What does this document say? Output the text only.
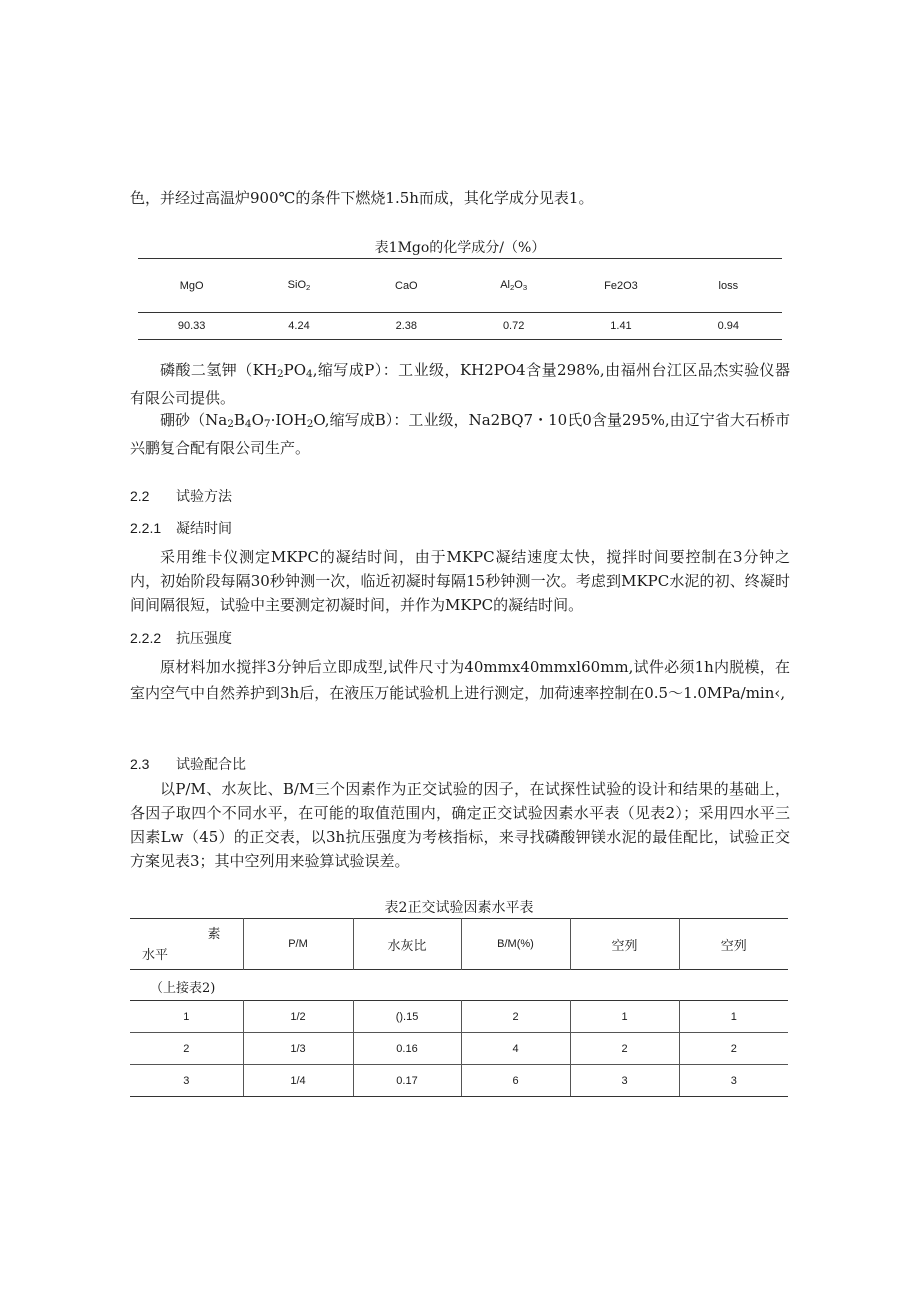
色，并经过高温炉900℃的条件下燃烧1.5h而成，其化学成分见表1。

表1Mgo的化学成分/（%）
MgO	SiO$_2$	CaO	$Al_2O_3$	Fe2O3	loss
90.33	4.24	2.38	0.72	1.41	0.94

磷酸二氢钾（$KH_2PO_4$,缩写成P）：工业级，KH2PO4含量298%,由福州台江区品杰实验仪器有限公司提供。

硼砂（$Na_2B_4O_7\cdot IOH_2O$,缩写成B）：工业级，Na2BQ7・10氏0含量295%,由辽宁省大石桥市兴鹏复合配有限公司生产。

2.2 试验方法
2.2.1 凝结时间

采用维卡仪测定MKPC的凝结时间，由于MKPC凝结速度太快，搅拌时间要控制在3分钟之内，初始阶段每隔30秒钟测一次，临近初凝时每隔15秒钟测一次。考虑到MKPC水泥的初、终凝时间间隔很短，试验中主要测定初凝时间，并作为MKPC的凝结时间。

2.2.2 抗压强度

原材料加水搅拌3分钟后立即成型,试件尺寸为40mmx40mmxl60mm,试件必须1h内脱模，在室内空气中自然养护到3h后，在液压万能试验机上进行测定，加荷速率控制在0.5～1.0MPa/min‹,

2.3 试验配合比

以P/M、水灰比、B/M三个因素作为正交试验的因子，在试探性试验的设计和结果的基础上，各因子取四个不同水平，在可能的取值范围内，确定正交试验因素水平表（见表2）；采用四水平三因素Lw（45）的正交表，以3h抗压强度为考核指标，来寻找磷酸钾镁水泥的最佳配比，试验正交方案见表3；其中空列用来验算试验误差。

表2正交试验因素水平表
素
水平
	P/M	水灰比	B/M(%)	空列	空列
（上接表2)
1	1/2	().15	2	1	1
2	1/3	0.16	4	2	2
3	1/4	0.17	6	3	3
